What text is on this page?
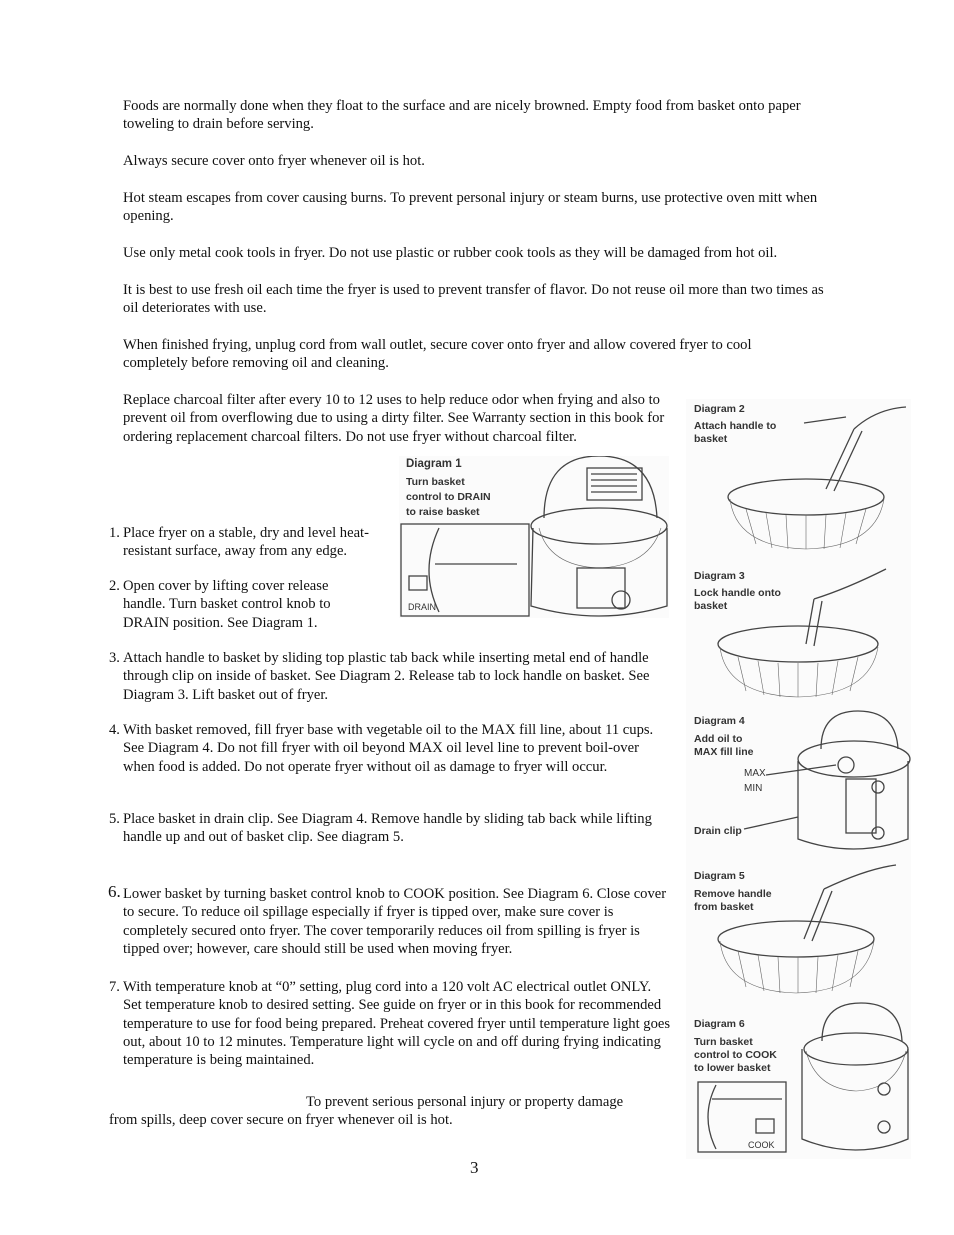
Foods are normally done when they float to the surface and are nicely browned. Empty food from basket onto paper toweling to drain before serving.
Always secure cover onto fryer whenever oil is hot.
Hot steam escapes from cover causing burns. To prevent personal injury or steam burns, use protective oven mitt when opening.
Use only metal cook tools in fryer. Do not use plastic or rubber cook tools as they will be damaged from hot oil.
It is best to use fresh oil each time the fryer is used to prevent transfer of flavor. Do not reuse oil more than two times as oil deteriorates with use.
When finished frying, unplug cord from wall outlet, secure cover onto fryer and allow covered fryer to cool completely before removing oil and cleaning.
Replace charcoal filter after every 10 to 12 uses to help reduce odor when frying and also to prevent oil from overflowing due to using a dirty filter. See Warranty section in this book for ordering replacement charcoal filters. Do not use fryer without charcoal filter.
1. Place fryer on a stable, dry and level heat-resistant surface, away from any edge.
2. Open cover by lifting cover release handle. Turn basket control knob to DRAIN position. See Diagram 1.
3. Attach handle to basket by sliding top plastic tab back while inserting metal end of handle through clip on inside of basket. See Diagram 2. Release tab to lock handle on basket. See Diagram 3. Lift basket out of fryer.
4. With basket removed, fill fryer base with vegetable oil to the MAX fill line, about 11 cups. See Diagram 4. Do not fill fryer with oil beyond MAX oil level line to prevent boil-over when food is added. Do not operate fryer without oil as damage to fryer will occur.
5. Place basket in drain clip. See Diagram 4. Remove handle by sliding tab back while lifting handle up and out of basket clip. See diagram 5.
6. Lower basket by turning basket control knob to COOK position. See Diagram 6. Close cover to secure. To reduce oil spillage especially if fryer is tipped over, make sure cover is completely secured onto fryer. The cover temporarily reduces oil from spilling is fryer is tipped over; however, care should still be used when moving fryer.
7. With temperature knob at “0” setting, plug cord into a 120 volt AC electrical outlet ONLY. Set temperature knob to desired setting. See guide on fryer or in this book for recommended temperature to use for food being prepared. Preheat covered fryer until temperature light goes out, about 10 to 12 minutes. Temperature light will cycle on and off during frying indicating temperature is being maintained.
To prevent serious personal injury or property damage
from spills, deep cover secure on fryer whenever oil is hot.
3
Diagram 1
Turn basket
control to DRAIN
to raise basket
DRAIN
Diagram 2
Attach handle to
basket
Diagram 3
Lock handle onto
basket
Diagram 4
Add oil to
MAX fill line
MAX
MIN
Drain clip
Diagram 5
Remove handle
from basket
Diagram 6
Turn basket
control to COOK
to lower basket
COOK
